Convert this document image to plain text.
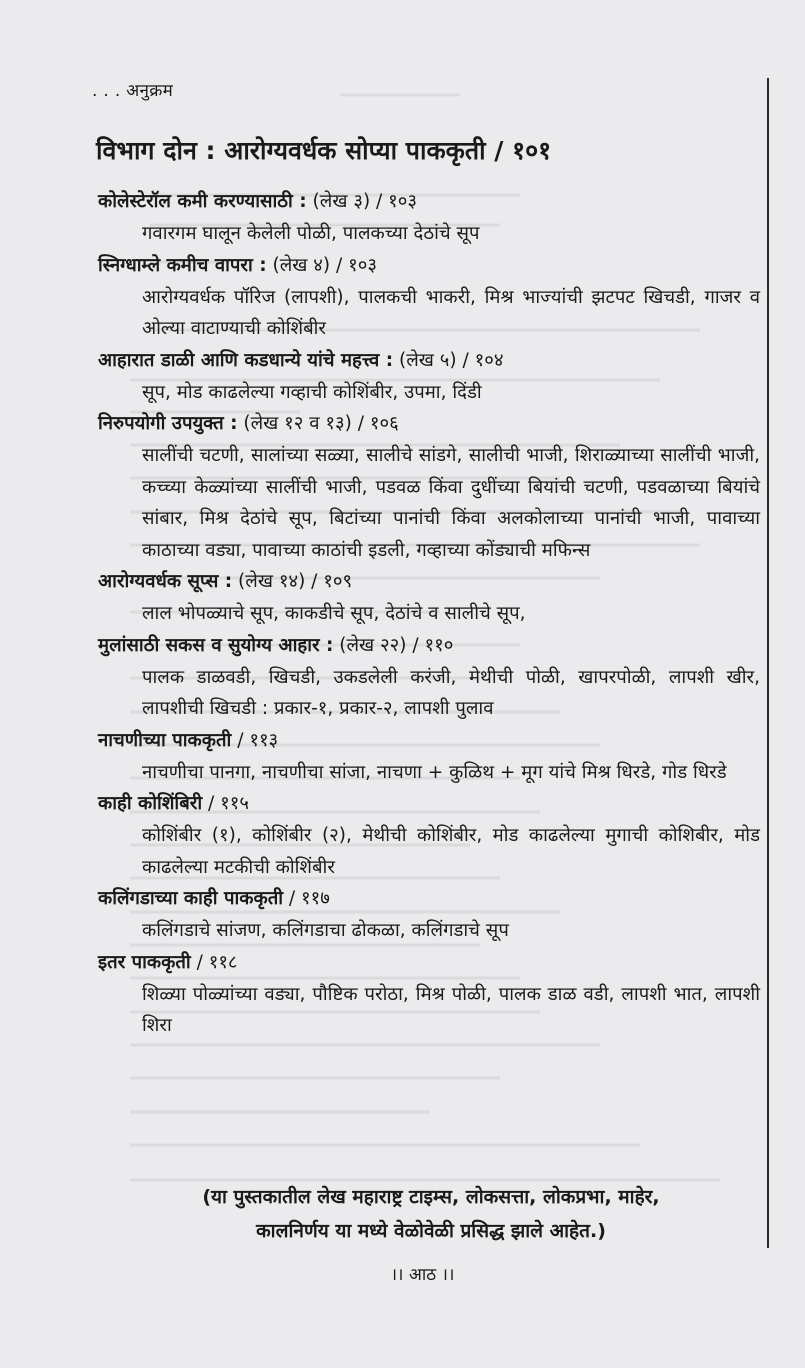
. . . अनुक्रम
विभाग दोन : आरोग्यवर्धक सोप्या पाककृती / १०१
कोलेस्टेरॉल कमी करण्यासाठी : (लेख ३) / १०३
गवारगम घालून केलेली पोळी, पालकच्या देठांचे सूप
स्निग्धाम्ले कमीच वापरा : (लेख ४) / १०३
आरोग्यवर्धक पॉरिज (लापशी), पालकची भाकरी, मिश्र भाज्यांची झटपट खिचडी, गाजर व ओल्या वाटाण्याची कोशिंबीर
आहारात डाळी आणि कडधान्ये यांचे महत्त्व : (लेख ५) / १०४
सूप, मोड काढलेल्या गव्हाची कोशिंबीर, उपमा, दिंडी
निरुपयोगी उपयुक्त : (लेख १२ व १३) / १०६
सालींची चटणी, सालांच्या सळ्या, सालीचे सांडगे, सालीची भाजी, शिराळ्याच्या सालींची भाजी, कच्च्या केळ्यांच्या सालींची भाजी, पडवळ किंवा दुधींच्या बियांची चटणी, पडवळाच्या बियांचे सांबार, मिश्र देठांचे सूप, बिटांच्या पानांची किंवा अलकोलाच्या पानांची भाजी, पावाच्या काठाच्या वड्या, पावाच्या काठांची इडली, गव्हाच्या कोंड्याची मफिन्स
आरोग्यवर्धक सूप्स : (लेख १४) / १०९
लाल भोपळ्याचे सूप, काकडीचे सूप, देठांचे व सालीचे सूप,
मुलांसाठी सकस व सुयोग्य आहार : (लेख २२) / ११०
पालक डाळवडी, खिचडी, उकडलेली करंजी, मेथीची पोळी, खापरपोळी, लापशी खीर, लापशीची खिचडी : प्रकार-१, प्रकार-२, लापशी पुलाव
नाचणीच्या पाककृती / ११३
नाचणीचा पानगा, नाचणीचा सांजा, नाचणा + कुळिथ + मूग यांचे मिश्र धिरडे, गोड धिरडे
काही कोशिंबिरी / ११५
कोशिंबीर (१), कोशिंबीर (२), मेथीची कोशिंबीर, मोड काढलेल्या मुगाची कोशिबीर, मोड काढलेल्या मटकीची कोशिंबीर
कलिंगडाच्या काही पाककृती / ११७
कलिंगडाचे सांजण, कलिंगडाचा ढोकळा, कलिंगडाचे सूप
इतर पाककृती / ११८
शिळ्या पोळ्यांच्या वड्या, पौष्टिक परोठा, मिश्र पोळी, पालक डाळ वडी, लापशी भात, लापशी शिरा
(या पुस्तकातील लेख महाराष्ट्र टाइम्स, लोकसत्ता, लोकप्रभा, माहेर,
कालनिर्णय या मध्ये वेळोवेळी प्रसिद्ध झाले आहेत.)
।। आठ ।।
